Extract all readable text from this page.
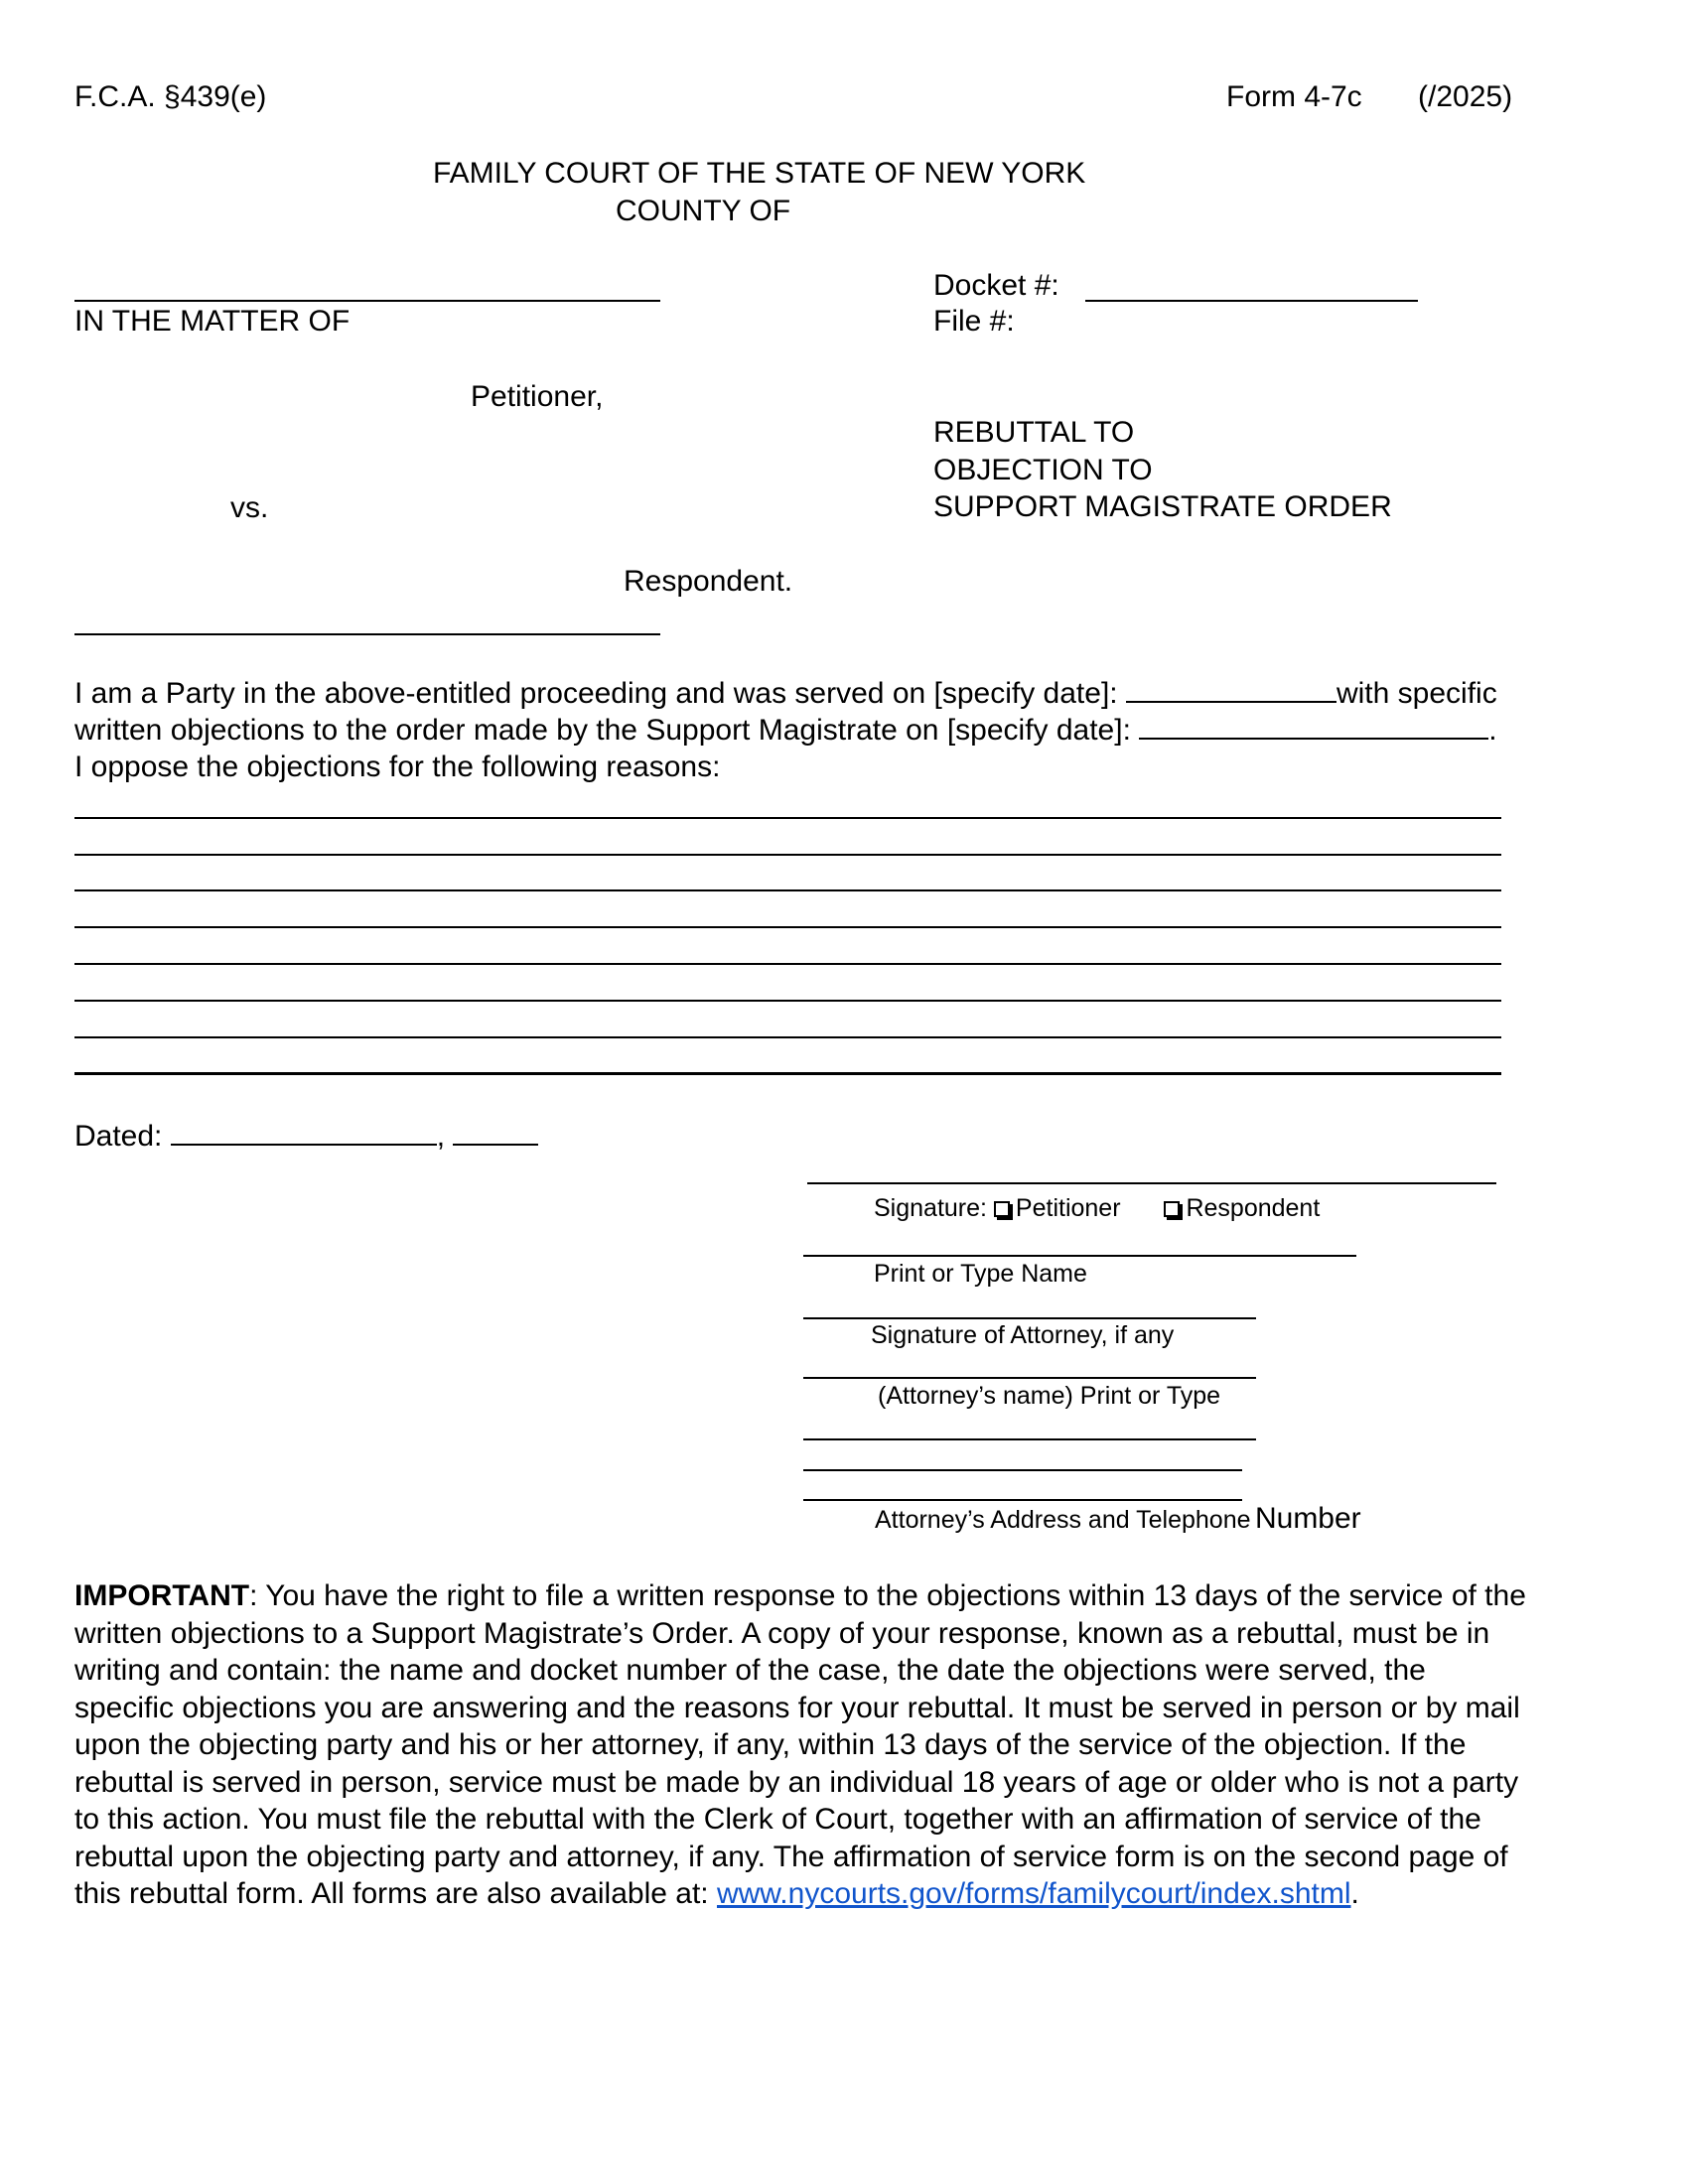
F.C.A. §439(e)	Form 4-7c (/2025)
FAMILY COURT OF THE STATE OF NEW YORK
COUNTY OF
IN THE MATTER OF
Petitioner,
vs.
Respondent.
Docket #:
File #:
REBUTTAL TO
OBJECTION TO
SUPPORT MAGISTRATE ORDER
I am a Party in the above-entitled proceeding and was served on [specify date]:	with specific
written objections to the order made by the Support Magistrate on [specify date]:	.
I oppose the objections for the following reasons:
Dated:	,
Signature: Petitioner	Respondent
Print or Type Name
Signature of Attorney, if any
(Attorney’s name) Print or Type
Attorney’s Address and Telephone Number
IMPORTANT: You have the right to file a written response to the objections within 13 days of the service of the written objections to a Support Magistrate’s Order. A copy of your response, known as a rebuttal, must be in writing and contain: the name and docket number of the case, the date the objections were served, the specific objections you are answering and the reasons for your rebuttal. It must be served in person or by mail upon the objecting party and his or her attorney, if any, within 13 days of the service of the objection. If the rebuttal is served in person, service must be made by an individual 18 years of age or older who is not a party to this action. You must file the rebuttal with the Clerk of Court, together with an affirmation of service of the rebuttal upon the objecting party and attorney, if any. The affirmation of service form is on the second page of this rebuttal form. All forms are also available at: www.nycourts.gov/forms/familycourt/index.shtml.
